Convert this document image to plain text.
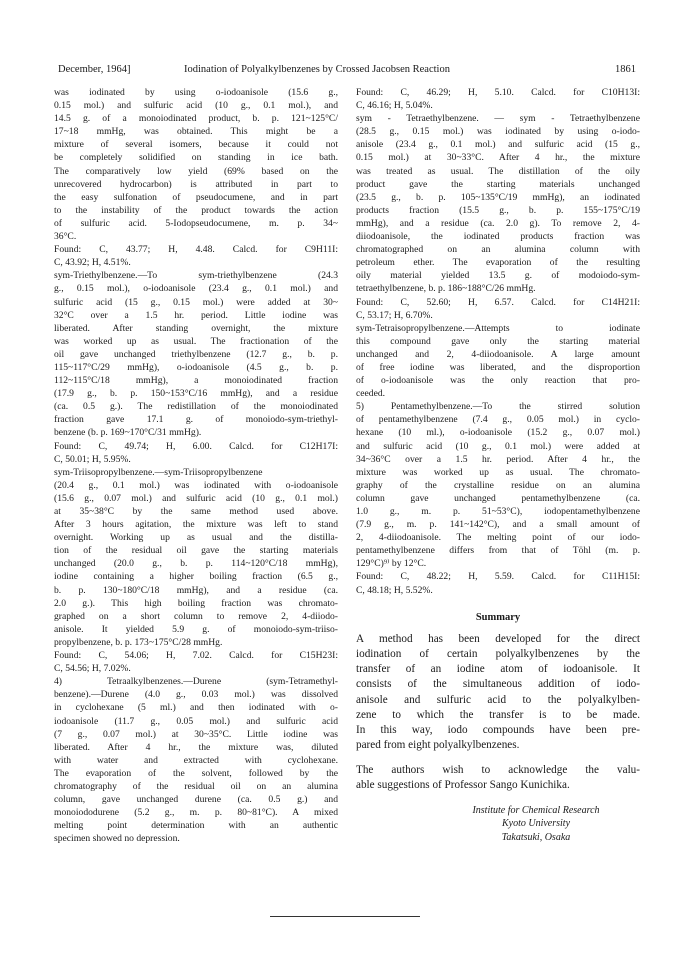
December, 1964]	Iodination of Polyalkylbenzenes by Crossed Jacobsen Reaction	1861
was iodinated by using o-iodoanisole (15.6 g.,
0.15 mol.) and sulfuric acid (10 g., 0.1 mol.), and
14.5 g. of a monoiodinated product, b. p. 121~125°C/
17~18 mmHg, was obtained. This might be a
mixture of several isomers, because it could not
be completely solidified on standing in ice bath.
The comparatively low yield (69% based on the
unrecovered hydrocarbon) is attributed in part to
the easy sulfonation of pseudocumene, and in part
to the instability of the product towards the action
of sulfuric acid. 5-Iodopseudocumene, m. p. 34~
36°C.
Found: C, 43.77; H, 4.48. Calcd. for C9H11I:
C, 43.92; H, 4.51%.
sym-Triethylbenzene.—To sym-triethylbenzene (24.3
g., 0.15 mol.), o-iodoanisole (23.4 g., 0.1 mol.) and
sulfuric acid (15 g., 0.15 mol.) were added at 30~
32°C over a 1.5 hr. period. Little iodine was
liberated. After standing overnight, the mixture
was worked up as usual. The fractionation of the
oil gave unchanged triethylbenzene (12.7 g., b. p.
115~117°C/29 mmHg), o-iodoanisole (4.5 g., b. p.
112~115°C/18 mmHg), a monoiodinated fraction
(17.9 g., b. p. 150~153°C/16 mmHg), and a residue
(ca. 0.5 g.). The redistillation of the monoiodinated
fraction gave 17.1 g. of monoiodo-sym-triethyl-
benzene (b. p. 169~170°C/31 mmHg).
Found: C, 49.74; H, 6.00. Calcd. for C12H17I:
C, 50.01; H, 5.95%.
sym-Triisopropylbenzene.—sym-Triisopropylbenzene
(20.4 g., 0.1 mol.) was iodinated with o-iodoanisole
(15.6 g., 0.07 mol.) and sulfuric acid (10 g., 0.1 mol.)
at 35~38°C by the same method used above.
After 3 hours agitation, the mixture was left to stand
overnight. Working up as usual and the distilla-
tion of the residual oil gave the starting materials
unchanged (20.0 g., b. p. 114~120°C/18 mmHg),
iodine containing a higher boiling fraction (6.5 g.,
b. p. 130~180°C/18 mmHg), and a residue (ca.
2.0 g.). This high boiling fraction was chromato-
graphed on a short column to remove 2, 4-diiodo-
anisole. It yielded 5.9 g. of monoiodo-sym-triiso-
propylbenzene, b. p. 173~175°C/28 mmHg.
Found: C, 54.06; H, 7.02. Calcd. for C15H23I:
C, 54.56; H, 7.02%.
4) Tetraalkylbenzenes.—Durene (sym-Tetramethyl-
benzene).—Durene (4.0 g., 0.03 mol.) was dissolved
in cyclohexane (5 ml.) and then iodinated with o-
iodoanisole (11.7 g., 0.05 mol.) and sulfuric acid
(7 g., 0.07 mol.) at 30~35°C. Little iodine was
liberated. After 4 hr., the mixture was, diluted
with water and extracted with cyclohexane.
The evaporation of the solvent, followed by the
chromatography of the residual oil on an alumina
column, gave unchanged durene (ca. 0.5 g.) and
monoiododurene (5.2 g., m. p. 80~81°C). A mixed
melting point determination with an authentic
specimen showed no depression.
Found: C, 46.29; H, 5.10. Calcd. for C10H13I:
C, 46.16; H, 5.04%.
sym - Tetraethylbenzene. — sym - Tetraethylbenzene
(28.5 g., 0.15 mol.) was iodinated by using o-iodo-
anisole (23.4 g., 0.1 mol.) and sulfuric acid (15 g.,
0.15 mol.) at 30~33°C. After 4 hr., the mixture
was treated as usual. The distillation of the oily
product gave the starting materials unchanged
(23.5 g., b. p. 105~135°C/19 mmHg), an iodinated
products fraction (15.5 g., b. p. 155~175°C/19
mmHg), and a residue (ca. 2.0 g). To remove 2, 4-
diiodoanisole, the iodinated products fraction was
chromatographed on an alumina column with
petroleum ether. The evaporation of the resulting
oily material yielded 13.5 g. of modoiodo-sym-
tetraethylbenzene, b. p. 186~188°C/26 mmHg.
Found: C, 52.60; H, 6.57. Calcd. for C14H21I:
C, 53.17; H, 6.70%.
sym-Tetraisopropylbenzene.—Attempts to iodinate
this compound gave only the starting material
unchanged and 2, 4-diiodoanisole. A large amount
of free iodine was liberated, and the disproportion
of o-iodoanisole was the only reaction that pro-
ceeded.
5) Pentamethylbenzene.—To the stirred solution
of pentamethylbenzene (7.4 g., 0.05 mol.) in cyclo-
hexane (10 ml.), o-iodoanisole (15.2 g., 0.07 mol.)
and sulfuric acid (10 g., 0.1 mol.) were added at
34~36°C over a 1.5 hr. period. After 4 hr., the
mixture was worked up as usual. The chromato-
graphy of the crystalline residue on an alumina
column gave unchanged pentamethylbenzene (ca.
1.0 g., m. p. 51~53°C), iodopentamethylbenzene
(7.9 g., m. p. 141~142°C), and a small amount of
2, 4-diiodoanisole. The melting point of our iodo-
pentamethylbenzene differs from that of Töhl (m. p.
129°C)⁹⁾ by 12°C.
Found: C, 48.22; H, 5.59. Calcd. for C11H15I:
C, 48.18; H, 5.52%.
Summary
A method has been developed for the direct
iodination of certain polyalkylbenzenes by the
transfer of an iodine atom of iodoanisole. It
consists of the simultaneous addition of iodo-
anisole and sulfuric acid to the polyalkylben-
zene to which the transfer is to be made.
In this way, iodo compounds have been pre-
pared from eight polyalkylbenzenes.
The authors wish to acknowledge the valu-
able suggestions of Professor Sango Kunichika.
Institute for Chemical Research
Kyoto University
Takatsuki, Osaka
